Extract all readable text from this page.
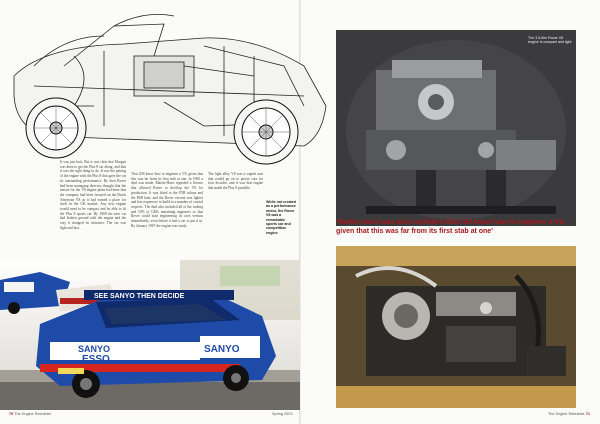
It was just luck. But it was clear that Morgan was keen to get the Plus 8 car along, and that it was the right thing to do. It was the pairing of the engine with the Plus 8 that gave the car its outstanding performance. By then Rover had been managing director, thought that the reason for the V8 engine plans had been that the company had been focused on the Buick American V8 as it had earned a place for itself in the UK market. Any new engine would need to be compact and be able to fit the Plus 8 sports car. By 1968 the new car had broken ground with the engine and the way it changed its character. The car was light and fast.
That GM knew how to engineer a V8, given that this was far from its first stab at one. In 1965 a deal was made. Martin-Hurst regarded a licence that allowed Rover to develop the V8 for production. It was fitted to the P5B saloon and the P6B later, and the Rover version was lighter and less expensive to build in a number of crucial respects. The deal also included all of the tooling and 10% of GM's remaining engineers so that Rover could start engineering its own version immediately, even before it had a car to put it in. By January 1967 the engine was ready.
The light alloy V8 was a superb unit that would go on to power cars for four decades, and it was that engine that made the Plus 8 possible.
While not created as a performance motor, the Rover V8 was a remarkable sports car and competition engine
SEE SANYO THEN DECIDE
SANYO
ESSO
SANYO
The 3.5-litre Rover V8 engine is compact and light
'Martin-Hurst was also confident that GM knew how to engineer a V8, given that this was far from its first stab at one'
70 The Engine Rebuilder	Spring 2023	The Engine Rebuilder 71
